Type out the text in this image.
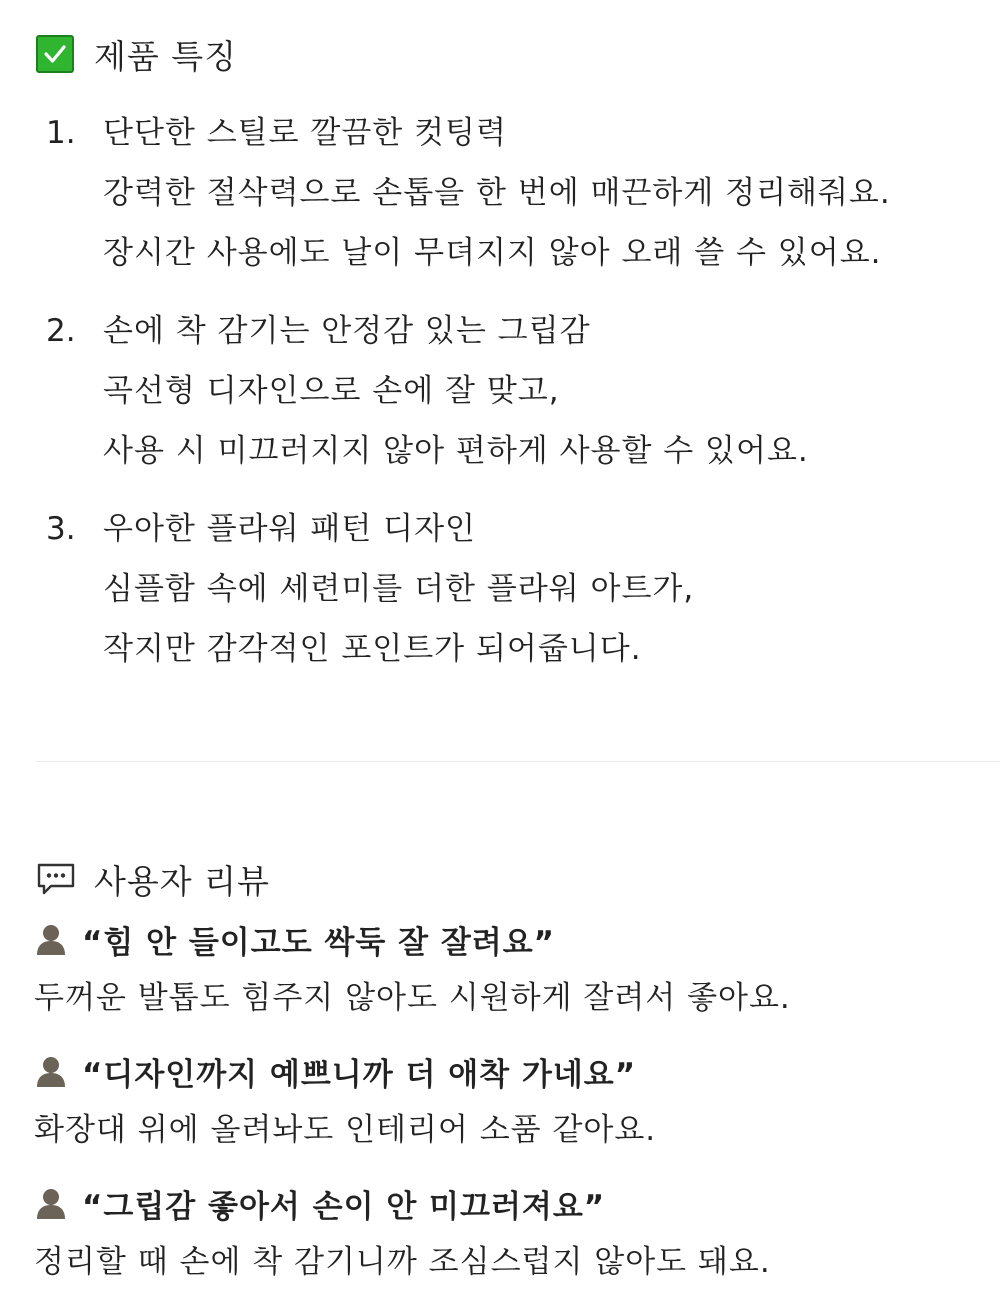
제품 특징
1. 단단한 스틸로 깔끔한 컷팅력
강력한 절삭력으로 손톱을 한 번에 매끈하게 정리해줘요.
장시간 사용에도 날이 무뎌지지 않아 오래 쓸 수 있어요.
2. 손에 착 감기는 안정감 있는 그립감
곡선형 디자인으로 손에 잘 맞고,
사용 시 미끄러지지 않아 편하게 사용할 수 있어요.
3. 우아한 플라워 패턴 디자인
심플함 속에 세련미를 더한 플라워 아트가,
작지만 감각적인 포인트가 되어줍니다.
사용자 리뷰
“힘 안 들이고도 싹둑 잘 잘려요”
두꺼운 발톱도 힘주지 않아도 시원하게 잘려서 좋아요.
“디자인까지 예쁘니까 더 애착 가네요”
화장대 위에 올려놔도 인테리어 소품 같아요.
“그립감 좋아서 손이 안 미끄러져요”
정리할 때 손에 착 감기니까 조심스럽지 않아도 돼요.
